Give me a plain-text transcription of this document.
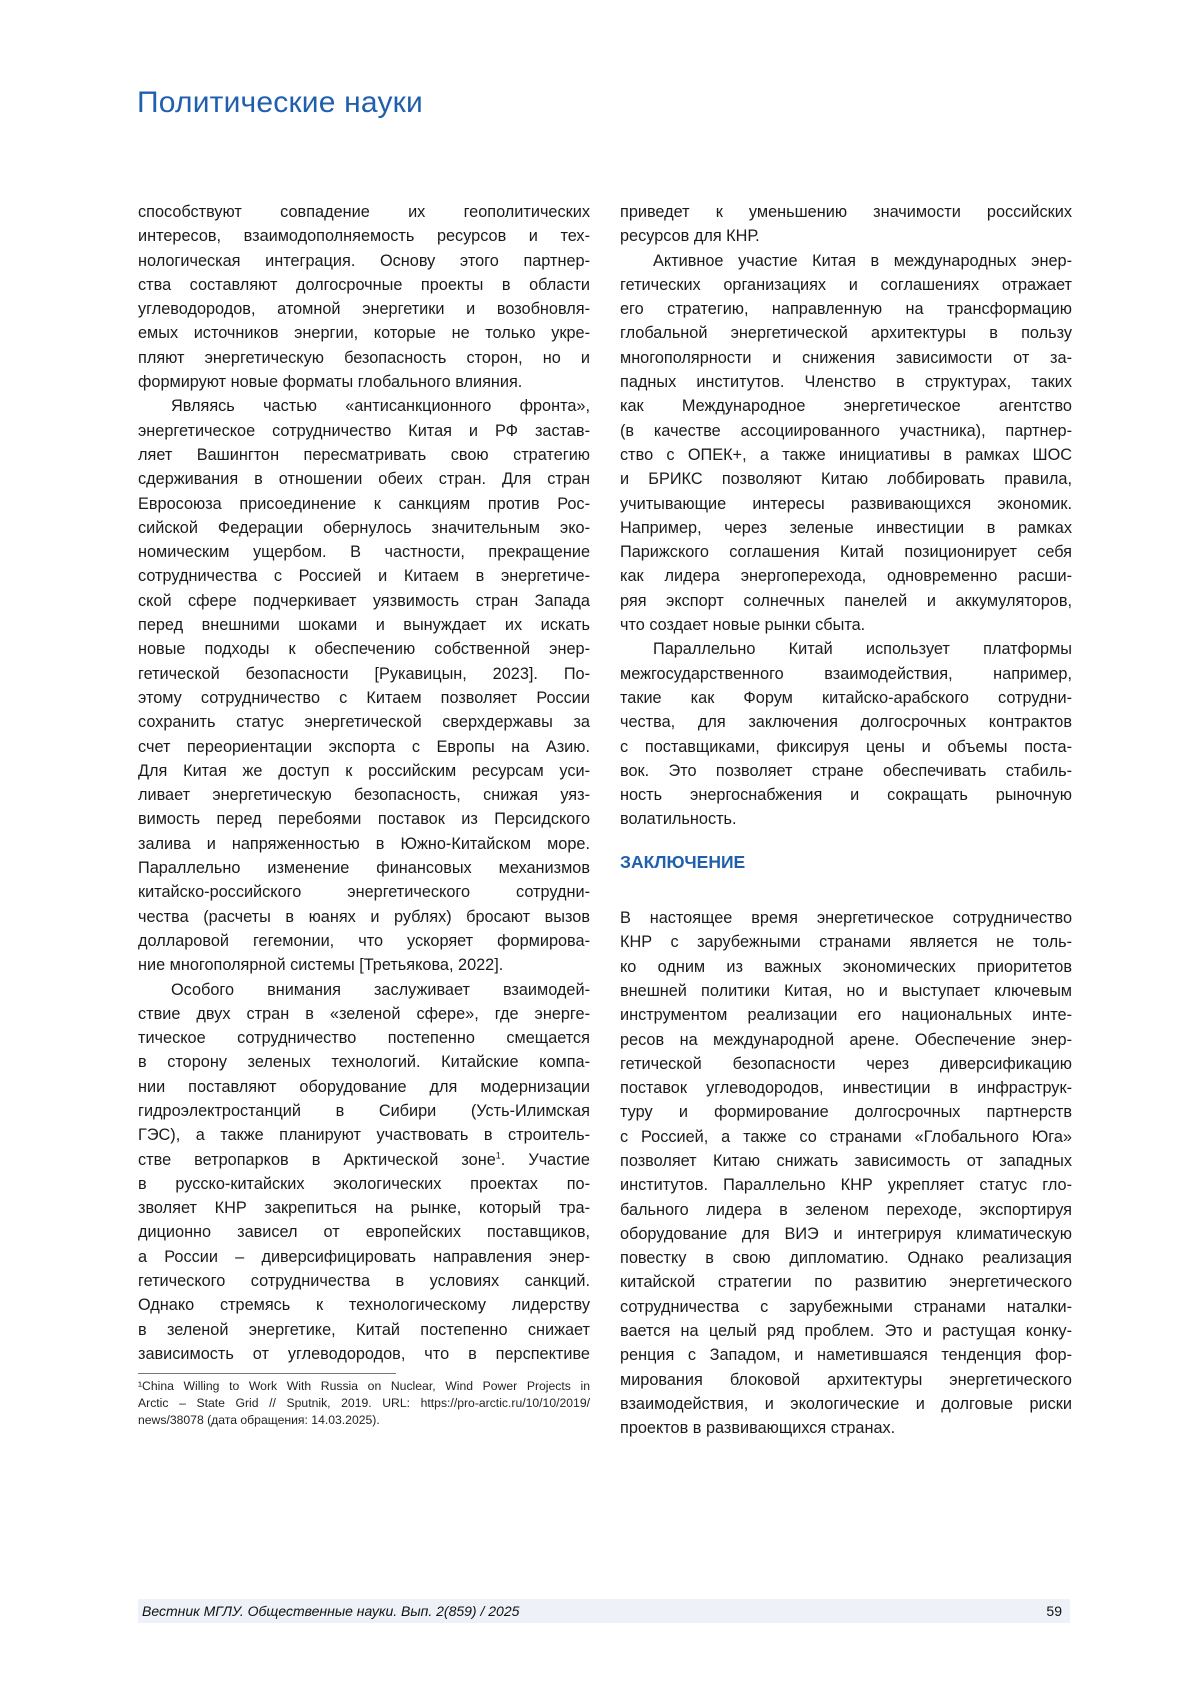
Политические науки
способствуют совпадение их геополитических
интересов, взаимодополняемость ресурсов и тех-
нологическая интеграция. Основу этого партнер-
ства составляют долгосрочные проекты в области
углеводородов, атомной энергетики и возобновля-
емых источников энергии, которые не только укре-
пляют энергетическую безопасность сторон, но и
формируют новые форматы глобального влияния.
Являясь частью «антисанкционного фронта»,
энергетическое сотрудничество Китая и РФ застав-
ляет Вашингтон пересматривать свою стратегию
сдерживания в отношении обеих стран. Для стран
Евросоюза присоединение к санкциям против Рос-
сийской Федерации обернулось значительным эко-
номическим ущербом. В частности, прекращение
сотрудничества с Россией и Китаем в энергетиче-
ской сфере подчеркивает уязвимость стран Запада
перед внешними шоками и вынуждает их искать
новые подходы к обеспечению собственной энер-
гетической безопасности [Рукавицын, 2023]. По-
этому сотрудничество с Китаем позволяет России
сохранить статус энергетической сверхдержавы за
счет переориентации экспорта с Европы на Азию.
Для Китая же доступ к российским ресурсам уси-
ливает энергетическую безопасность, снижая уяз-
вимость перед перебоями поставок из Персидского
залива и напряженностью в Южно-Китайском море.
Параллельно изменение финансовых механизмов
китайско-российского энергетического сотрудни-
чества (расчеты в юанях и рублях) бросают вызов
долларовой гегемонии, что ускоряет формирова-
ние многополярной системы [Третьякова, 2022].
Особого внимания заслуживает взаимодей-
ствие двух стран в «зеленой сфере», где энерге-
тическое сотрудничество постепенно смещается
в сторону зеленых технологий. Китайские компа-
нии поставляют оборудование для модернизации
гидроэлектростанций в Сибири (Усть-Илимская
ГЭС), а также планируют участвовать в строитель-
стве ветропарков в Арктической зоне1. Участие
в русско-китайских экологических проектах по-
зволяет КНР закрепиться на рынке, который тра-
диционно зависел от европейских поставщиков,
а России – диверсифицировать направления энер-
гетического сотрудничества в условиях санкций.
Однако стремясь к технологическому лидерству
в зеленой энергетике, Китай постепенно снижает
зависимость от углеводородов, что в перспективе
приведет к уменьшению значимости российских
ресурсов для КНР.
Активное участие Китая в международных энер-
гетических организациях и соглашениях отражает
его стратегию, направленную на трансформацию
глобальной энергетической архитектуры в пользу
многополярности и снижения зависимости от за-
падных институтов. Членство в структурах, таких
как Международное энергетическое агентство
(в качестве ассоциированного участника), партнер-
ство с ОПЕК+, а также инициативы в рамках ШОС
и БРИКС позволяют Китаю лоббировать правила,
учитывающие интересы развивающихся экономик.
Например, через зеленые инвестиции в рамках
Парижского соглашения Китай позиционирует себя
как лидера энергоперехода, одновременно расши-
ряя экспорт солнечных панелей и аккумуляторов,
что создает новые рынки сбыта.
Параллельно Китай использует платформы
межгосударственного взаимодействия, например,
такие как Форум китайско-арабского сотрудни-
чества, для заключения долгосрочных контрактов
с поставщиками, фиксируя цены и объемы поста-
вок. Это позволяет стране обеспечивать стабиль-
ность энергоснабжения и сокращать рыночную
волатильность.
ЗАКЛЮЧЕНИЕ
В настоящее время энергетическое сотрудничество
КНР с зарубежными странами является не толь-
ко одним из важных экономических приоритетов
внешней политики Китая, но и выступает ключевым
инструментом реализации его национальных инте-
ресов на международной арене. Обеспечение энер-
гетической безопасности через диверсификацию
поставок углеводородов, инвестиции в инфраструк-
туру и формирование долгосрочных партнерств
с Россией, а также со странами «Глобального Юга»
позволяет Китаю снижать зависимость от западных
институтов. Параллельно КНР укрепляет статус гло-
бального лидера в зеленом переходе, экспортируя
оборудование для ВИЭ и интегрируя климатическую
повестку в свою дипломатию. Однако реализация
китайской стратегии по развитию энергетического
сотрудничества с зарубежными странами наталки-
вается на целый ряд проблем. Это и растущая конку-
ренция с Западом, и наметившаяся тенденция фор-
мирования блоковой архитектуры энергетического
взаимодействия, и экологические и долговые риски
проектов в развивающихся странах.
¹China Willing to Work With Russia on Nuclear, Wind Power Projects in
Arctic – State Grid // Sputnik, 2019. URL: https://pro-arctic.ru/10/10/2019/
news/38078 (дата обращения: 14.03.2025).
Вестник МГЛУ. Общественные науки. Вып. 2(859) / 2025	59
